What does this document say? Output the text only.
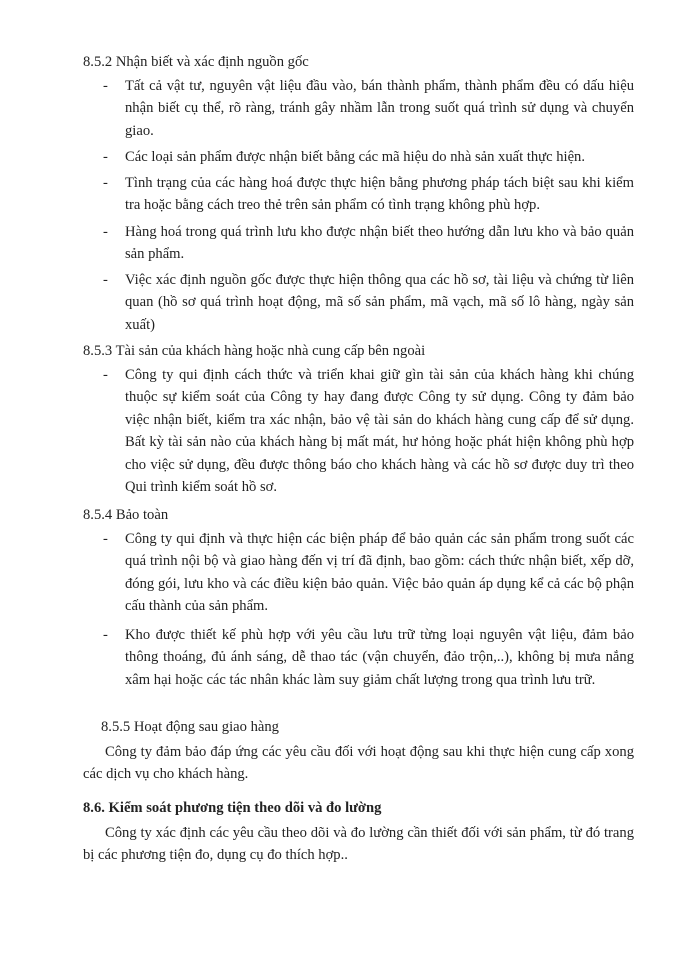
8.5.2 Nhận biết và xác định nguồn gốc
- Tất cả vật tư, nguyên vật liệu đầu vào, bán thành phẩm, thành phẩm đều có dấu hiệu nhận biết cụ thể, rõ ràng, tránh gây nhầm lẫn trong suốt quá trình sử dụng và chuyển giao.
- Các loại sản phẩm được nhận biết bằng các mã hiệu do nhà sản xuất thực hiện.
- Tình trạng của các hàng hoá được thực hiện bằng phương pháp tách biệt sau khi kiểm tra hoặc bằng cách treo thẻ trên sản phẩm có tình trạng không phù hợp.
- Hàng hoá trong quá trình lưu kho được nhận biết theo hướng dẫn lưu kho và bảo quản sản phẩm.
- Việc xác định nguồn gốc được thực hiện thông qua các hồ sơ, tài liệu và chứng từ liên quan (hồ sơ quá trình hoạt động, mã số sản phẩm, mã vạch, mã số lô hàng, ngày sản xuất)
8.5.3 Tài sản của khách hàng hoặc nhà cung cấp bên ngoài
- Công ty qui định cách thức và triển khai giữ gìn tài sản của khách hàng khi chúng thuộc sự kiểm soát của Công ty hay đang được Công ty sử dụng. Công ty đảm bảo việc nhận biết, kiểm tra xác nhận, bảo vệ tài sản do khách hàng cung cấp để sử dụng. Bất kỳ tài sản nào của khách hàng bị mất mát, hư hỏng hoặc phát hiện không phù hợp cho việc sử dụng, đều được thông báo cho khách hàng và các hồ sơ được duy trì theo Qui trình kiểm soát hồ sơ.
8.5.4 Bảo toàn
- Công ty qui định và thực hiện các biện pháp để bảo quản các sản phẩm trong suốt các quá trình nội bộ và giao hàng đến vị trí đã định, bao gồm: cách thức nhận biết, xếp dỡ, đóng gói, lưu kho và các điều kiện bảo quản. Việc bảo quản áp dụng kể cả các bộ phận cấu thành của sản phẩm.
- Kho được thiết kế phù hợp với yêu cầu lưu trữ từng loại nguyên vật liệu, đảm bảo thông thoáng, đủ ánh sáng, dễ thao tác (vận chuyển, đảo trộn,..), không bị mưa nắng xâm hại hoặc các tác nhân khác làm suy giảm chất lượng trong qua trình lưu trữ.
8.5.5 Hoạt động sau giao hàng
Công ty đảm bảo đáp ứng các yêu cầu đối với hoạt động sau khi thực hiện cung cấp xong các dịch vụ cho khách hàng.
8.6. Kiểm soát phương tiện theo dõi và đo lường
Công ty xác định các yêu cầu theo dõi và đo lường cần thiết đối với sản phẩm, từ đó trang bị các phương tiện đo, dụng cụ đo thích hợp..
